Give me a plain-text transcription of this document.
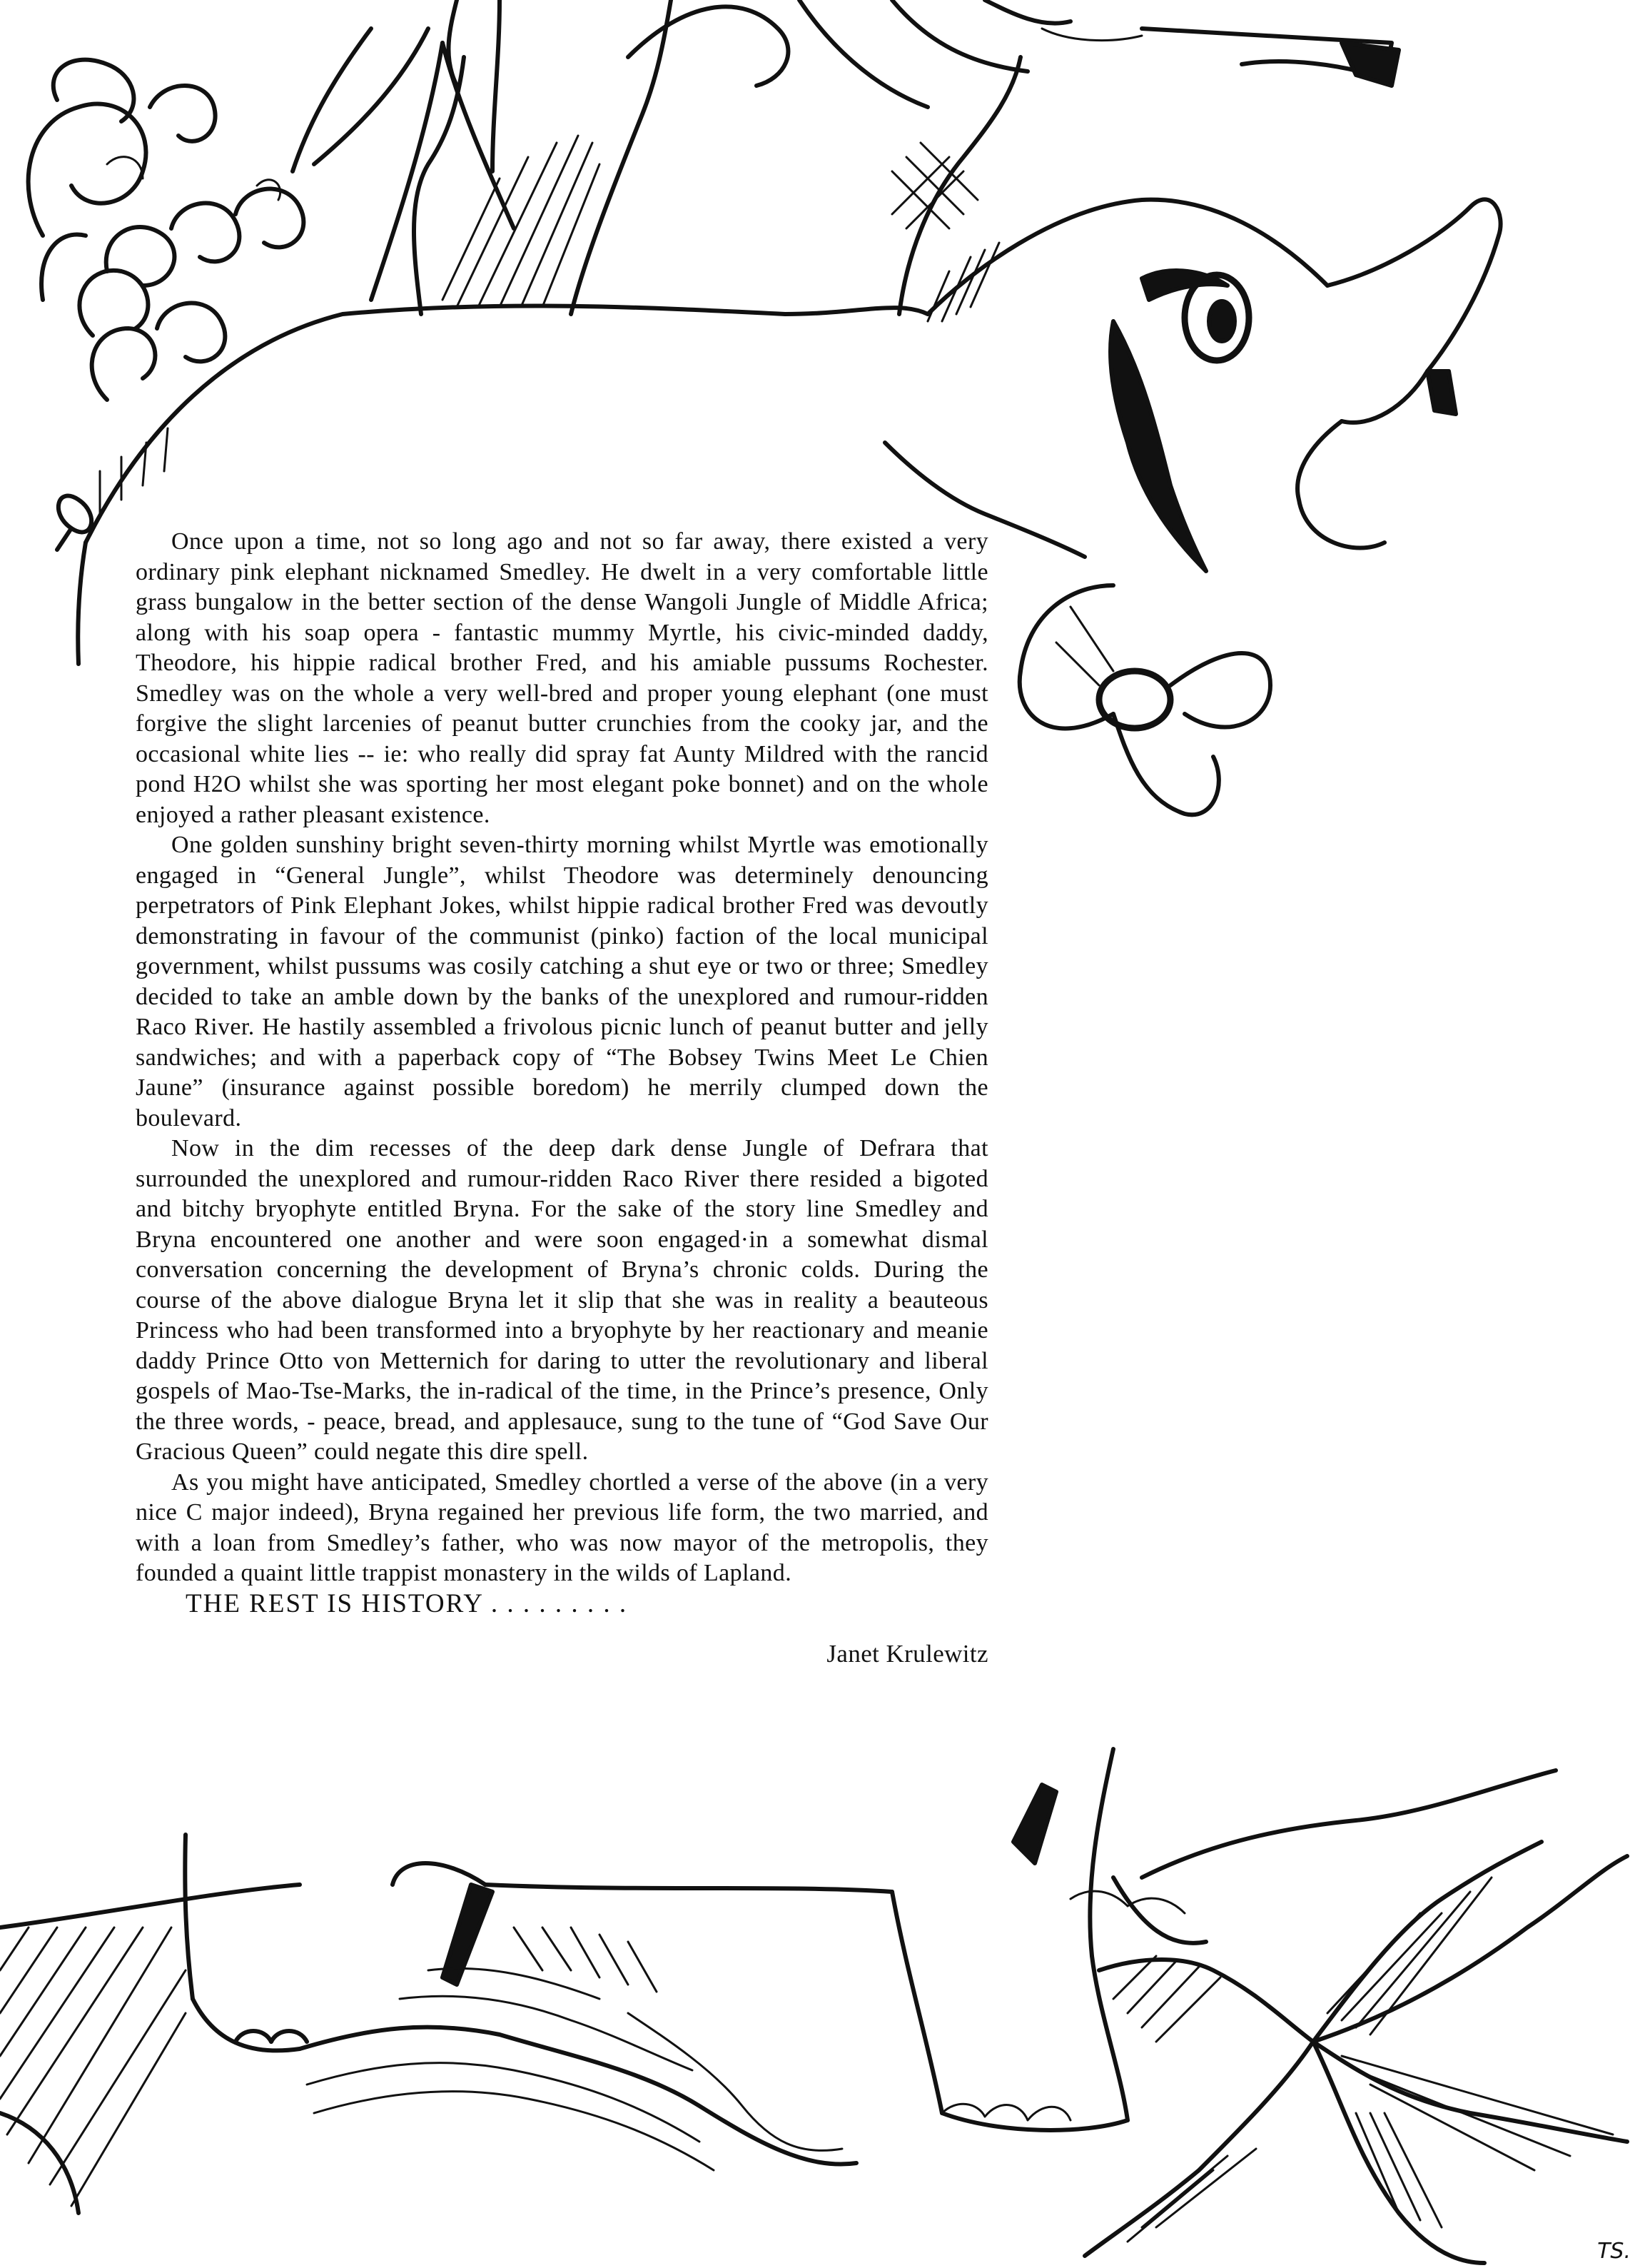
Once upon a time, not so long ago and not so far away, there existed a very ordinary pink elephant nicknamed Smedley. He dwelt in a very comfortable little grass bungalow in the better section of the dense Wangoli Jungle of Middle Africa; along with his soap opera - fantastic mummy Myrtle, his civic-minded daddy, Theodore, his hippie radical brother Fred, and his amiable pussums Rochester. Smedley was on the whole a very well-bred and proper young elephant (one must forgive the slight larcenies of peanut butter crunchies from the cooky jar, and the occasional white lies -- ie: who really did spray fat Aunty Mildred with the rancid pond H2O whilst she was sporting her most elegant poke bonnet) and on the whole enjoyed a rather pleasant existence.

One golden sunshiny bright seven-thirty morning whilst Myrtle was emotionally engaged in “General Jungle”, whilst Theodore was determinely denouncing perpetrators of Pink Elephant Jokes, whilst hippie radical brother Fred was devoutly demonstrating in favour of the communist (pinko) faction of the local municipal government, whilst pussums was cosily catching a shut eye or two or three; Smedley decided to take an amble down by the banks of the unexplored and rumour-ridden Raco River. He hastily assembled a frivolous picnic lunch of peanut butter and jelly sandwiches; and with a paperback copy of “The Bobsey Twins Meet Le Chien Jaune” (insurance against possible boredom) he merrily clumped down the boulevard.

Now in the dim recesses of the deep dark dense Jungle of Defrara that surrounded the unexplored and rumour-ridden Raco River there resided a bigoted and bitchy bryophyte entitled Bryna. For the sake of the story line Smedley and Bryna encountered one another and were soon engaged·in a somewhat dismal conversation concerning the development of Bryna’s chronic colds. During the course of the above dialogue Bryna let it slip that she was in reality a beauteous Princess who had been transformed into a bryophyte by her reactionary and meanie daddy Prince Otto von Metternich for daring to utter the revolutionary and liberal gospels of Mao-Tse-Marks, the in-radical of the time, in the Prince’s presence, Only the three words, - peace, bread, and applesauce, sung to the tune of “God Save Our Gracious Queen” could negate this dire spell.

As you might have anticipated, Smedley chortled a verse of the above (in a very nice C major indeed), Bryna regained her previous life form, the two married, and with a loan from Smedley’s father, who was now mayor of the metropolis, they founded a quaint little trappist monastery in the wilds of Lapland.

THE REST IS HISTORY . . . . . . . . .
Janet Krulewitz
TS.
